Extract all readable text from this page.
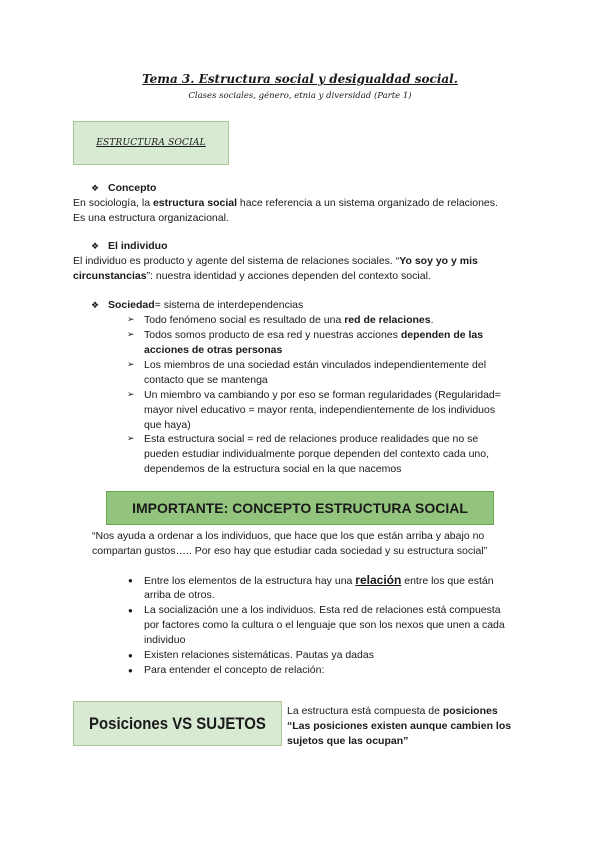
Tema 3. Estructura social y desigualdad social.
Clases sociales, género, etnia y diversidad (Parte 1)
ESTRUCTURA SOCIAL
❖ Concepto
En sociología, la estructura social hace referencia a un sistema organizado de relaciones.
Es una estructura organizacional.
❖ El individuo
El individuo es producto y agente del sistema de relaciones sociales. “Yo soy yo y mis
circunstancias”: nuestra identidad y acciones dependen del contexto social.
❖ Sociedad= sistema de interdependencias
➢ Todo fenómeno social es resultado de una red de relaciones.
➢ Todos somos producto de esa red y nuestras acciones dependen de las
acciones de otras personas
➢ Los miembros de una sociedad están vinculados independientemente del
contacto que se mantenga
➢ Un miembro va cambiando y por eso se forman regularidades (Regularidad=
mayor nivel educativo = mayor renta, independientemente de los individuos
que haya)
➢ Esta estructura social = red de relaciones produce realidades que no se
pueden estudiar individualmente porque dependen del contexto cada uno,
dependemos de la estructura social en la que nacemos
IMPORTANTE: CONCEPTO ESTRUCTURA SOCIAL
“Nos ayuda a ordenar a los individuos, que hace que los que están arriba y abajo no
compartan gustos….. Por eso hay que estudiar cada sociedad y su estructura social”
● Entre los elementos de la estructura hay una relación entre los que están
arriba de otros.
● La socialización une a los individuos. Esta red de relaciones está compuesta
por factores como la cultura o el lenguaje que son los nexos que unen a cada
individuo
● Existen relaciones sistemáticas. Pautas ya dadas
● Para entender el concepto de relación:
Posiciones VS SUJETOS
La estructura está compuesta de posiciones
“Las posiciones existen aunque cambien los
sujetos que las ocupan”
